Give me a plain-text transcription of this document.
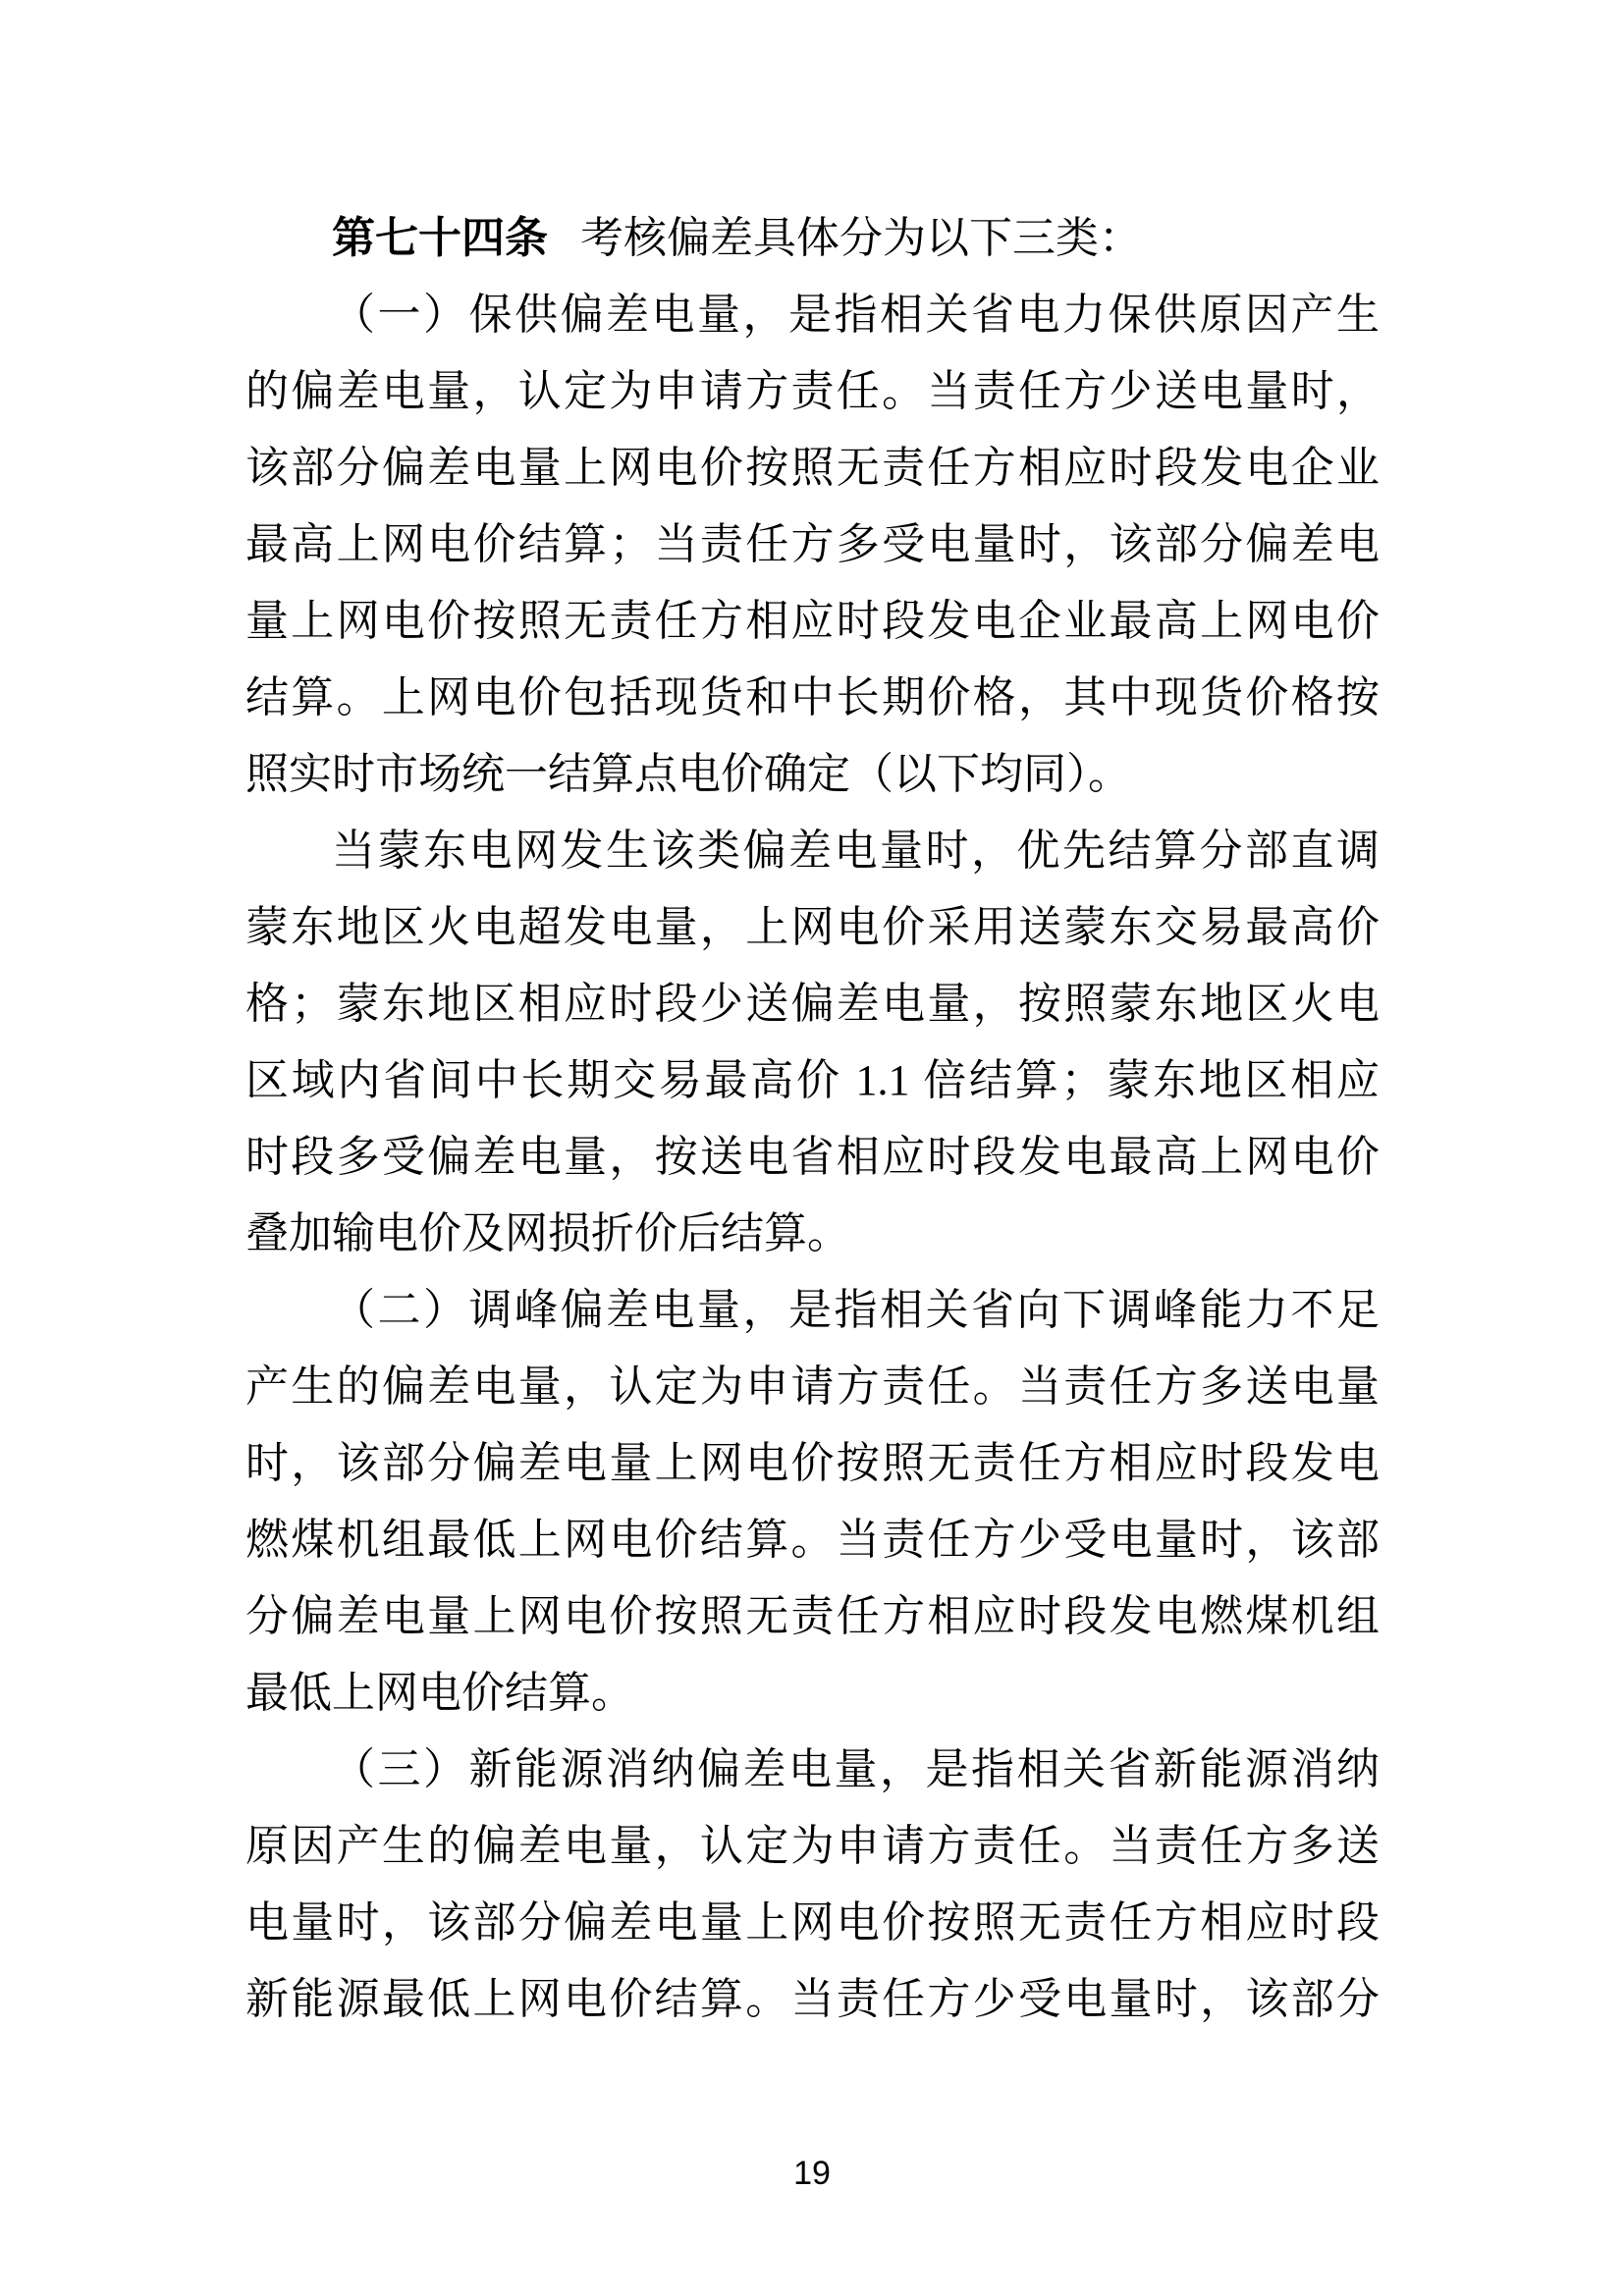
第七十四条 考核偏差具体分为以下三类：
（一）保供偏差电量，是指相关省电力保供原因产生
的偏差电量，认定为申请方责任。当责任方少送电量时，
该部分偏差电量上网电价按照无责任方相应时段发电企业
最高上网电价结算；当责任方多受电量时，该部分偏差电
量上网电价按照无责任方相应时段发电企业最高上网电价
结算。上网电价包括现货和中长期价格，其中现货价格按
照实时市场统一结算点电价确定（以下均同）。
当蒙东电网发生该类偏差电量时，优先结算分部直调
蒙东地区火电超发电量，上网电价采用送蒙东交易最高价
格；蒙东地区相应时段少送偏差电量，按照蒙东地区火电
区域内省间中长期交易最高价 1.1 倍结算；蒙东地区相应
时段多受偏差电量，按送电省相应时段发电最高上网电价
叠加输电价及网损折价后结算。
（二）调峰偏差电量，是指相关省向下调峰能力不足
产生的偏差电量，认定为申请方责任。当责任方多送电量
时，该部分偏差电量上网电价按照无责任方相应时段发电
燃煤机组最低上网电价结算。当责任方少受电量时，该部
分偏差电量上网电价按照无责任方相应时段发电燃煤机组
最低上网电价结算。
（三）新能源消纳偏差电量，是指相关省新能源消纳
原因产生的偏差电量，认定为申请方责任。当责任方多送
电量时，该部分偏差电量上网电价按照无责任方相应时段
新能源最低上网电价结算。当责任方少受电量时，该部分
19
